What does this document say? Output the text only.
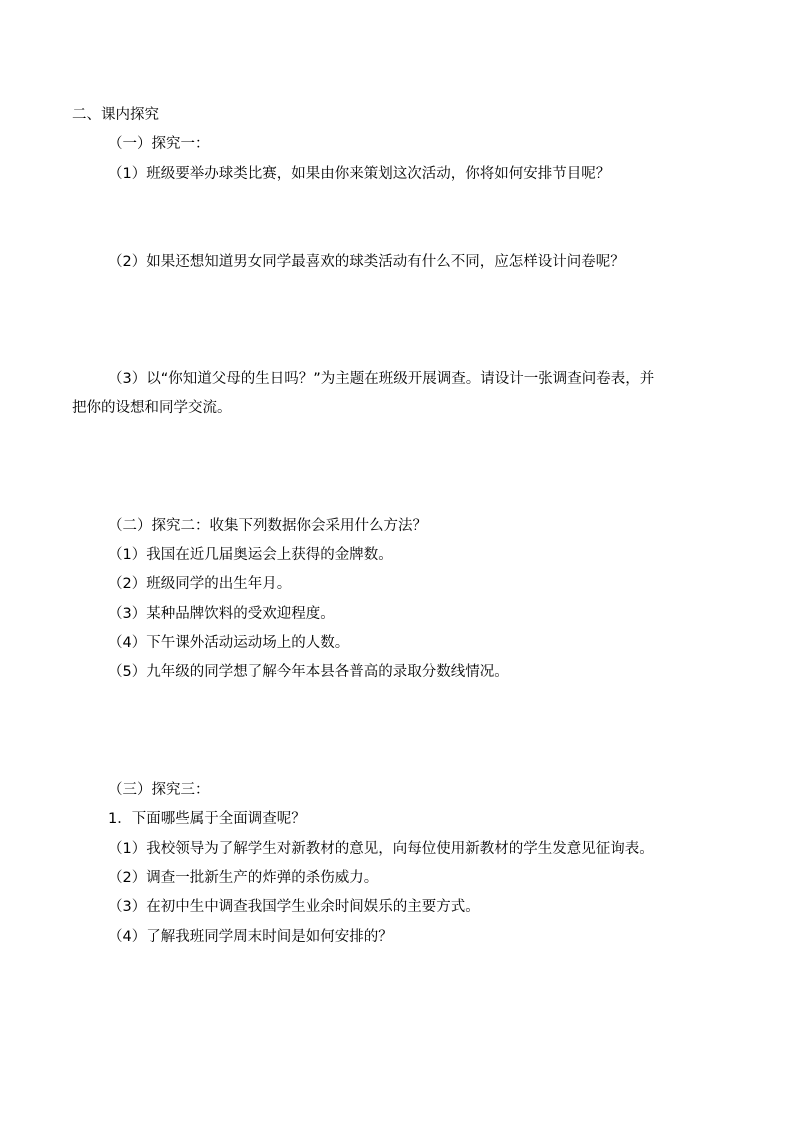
二、课内探究
（一）探究一：
（1）班级要举办球类比赛，如果由你来策划这次活动，你将如何安排节目呢？
（2）如果还想知道男女同学最喜欢的球类活动有什么不同，应怎样设计问卷呢？
（3）以“你知道父母的生日吗？”为主题在班级开展调查。请设计一张调查问卷表，并
把你的设想和同学交流。
（二）探究二：收集下列数据你会采用什么方法？
（1）我国在近几届奥运会上获得的金牌数。
（2）班级同学的出生年月。
（3）某种品牌饮料的受欢迎程度。
（4）下午课外活动运动场上的人数。
（5）九年级的同学想了解今年本县各普高的录取分数线情况。
（三）探究三：
1．下面哪些属于全面调查呢？
（1）我校领导为了解学生对新教材的意见，向每位使用新教材的学生发意见征询表。
（2）调查一批新生产的炸弹的杀伤威力。
（3）在初中生中调查我国学生业余时间娱乐的主要方式。
（4）了解我班同学周末时间是如何安排的？
